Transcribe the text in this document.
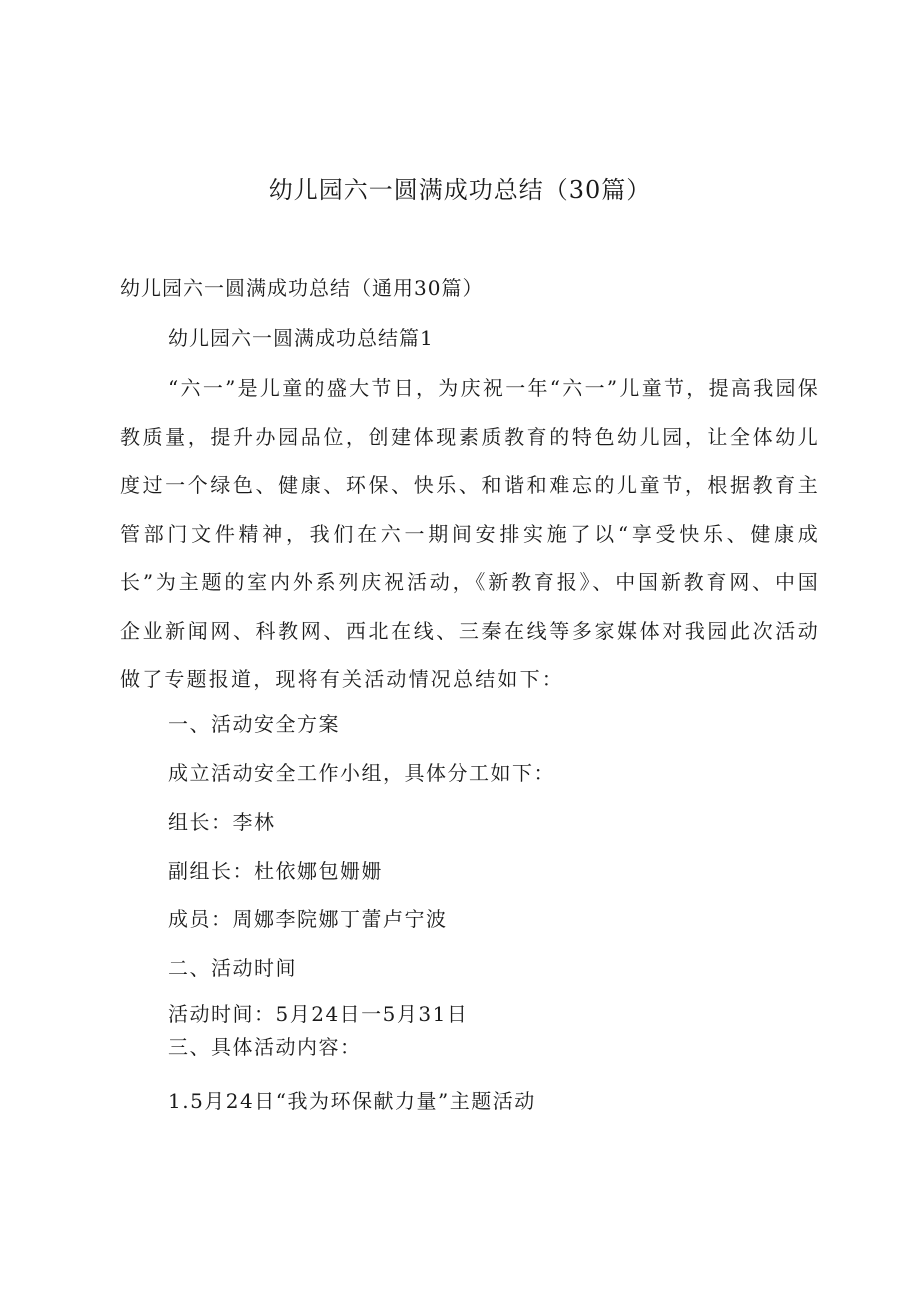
幼儿园六一圆满成功总结（30篇）
幼儿园六一圆满成功总结（通用30篇）
幼儿园六一圆满成功总结篇1

“六一”是儿童的盛大节日，为庆祝一年“六一”儿童节，提高我园保教质量，提升办园品位，创建体现素质教育的特色幼儿园，让全体幼儿度过一个绿色、健康、环保、快乐、和谐和难忘的儿童节，根据教育主管部门文件精神，我们在六一期间安排实施了以“享受快乐、健康成长”为主题的室内外系列庆祝活动，《新教育报》、中国新教育网、中国企业新闻网、科教网、西北在线、三秦在线等多家媒体对我园此次活动做了专题报道，现将有关活动情况总结如下：

一、活动安全方案
成立活动安全工作小组，具体分工如下：
组长：李林
副组长：杜依娜包姗姗
成员：周娜李院娜丁蕾卢宁波
二、活动时间
活动时间：5月24日一5月31日
三、具体活动内容：
1.5月24日“我为环保献力量”主题活动
